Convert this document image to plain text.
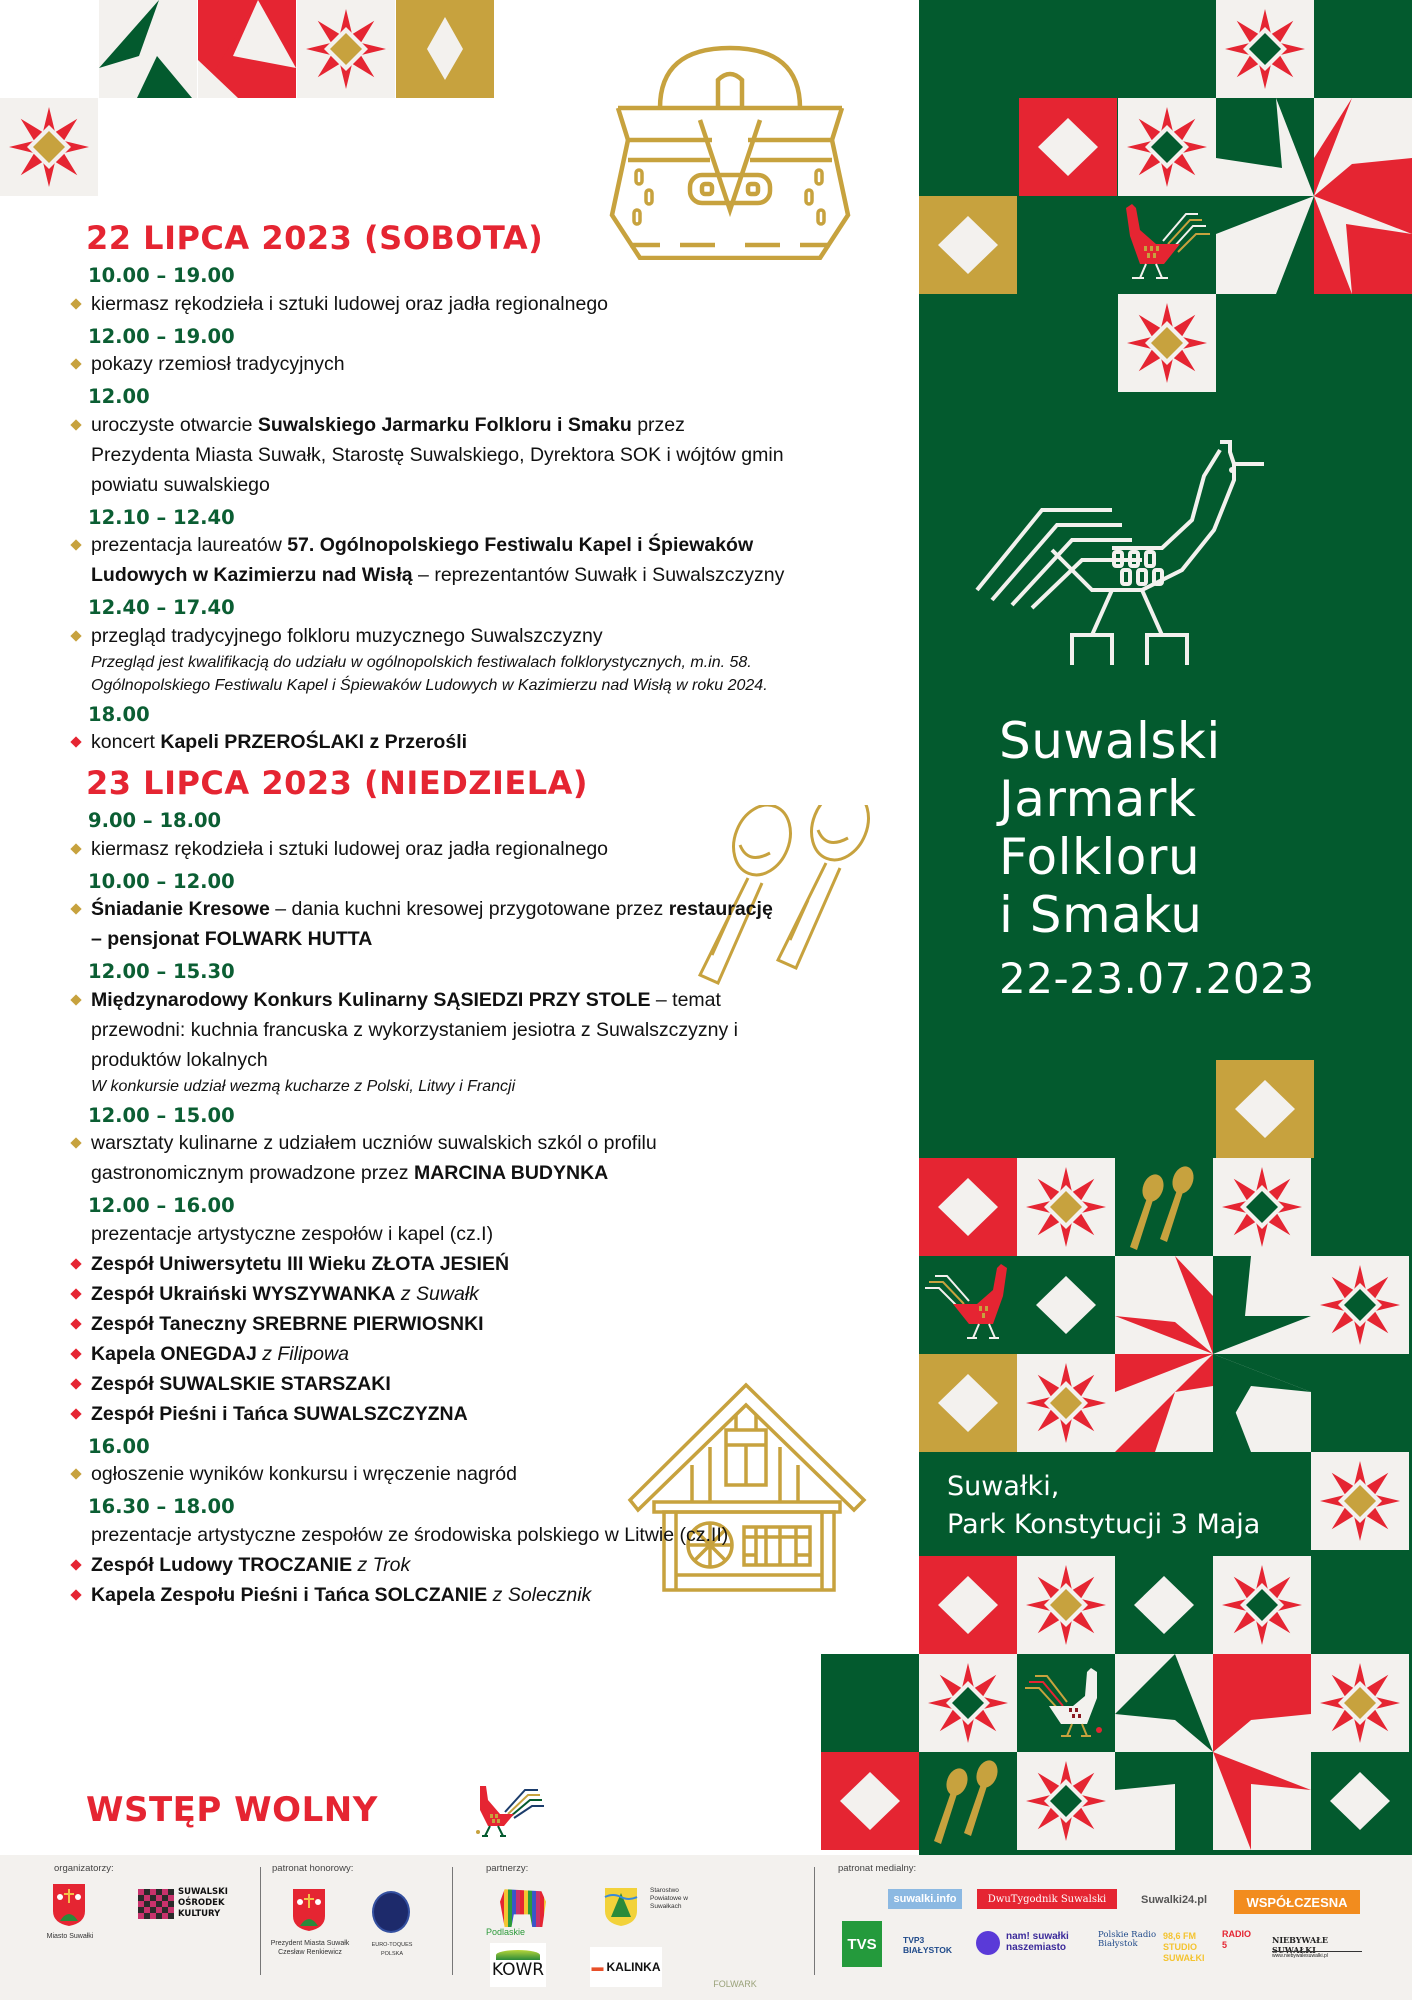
Suwalski
Jarmark
Folkloru
i Smaku
22-23.07.2023
Suwałki,
Park Konstytucji 3 Maja
22 LIPCA 2023 (SOBOTA)
10.00 – 19.00
kiermasz rękodzieła i sztuki ludowej oraz jadła regionalnego
12.00 – 19.00
pokazy rzemiosł tradycyjnych
12.00
uroczyste otwarcie Suwalskiego Jarmarku Folkloru i Smaku przez Prezydenta Miasta Suwałk, Starostę Suwalskiego, Dyrektora SOK i wójtów gmin powiatu suwalskiego
12.10 – 12.40
prezentacja laureatów 57. Ogólnopolskiego Festiwalu Kapel i Śpiewaków Ludowych w Kazimierzu nad Wisłą – reprezentantów Suwałk i Suwalszczyzny
12.40 – 17.40
przegląd tradycyjnego folkloru muzycznego Suwalszczyzny
Przegląd jest kwalifikacją do udziału w ogólnopolskich festiwalach folklorystycznych, m.in. 58. Ogólnopolskiego Festiwalu Kapel i Śpiewaków Ludowych w Kazimierzu nad Wisłą w roku 2024.
18.00
koncert Kapeli PRZEROŚLAKI z Przerośli
23 LIPCA 2023 (NIEDZIELA)
9.00 – 18.00
kiermasz rękodzieła i sztuki ludowej oraz jadła regionalnego
10.00 – 12.00
Śniadanie Kresowe – dania kuchni kresowej przygotowane przez restaurację – pensjonat FOLWARK HUTTA
12.00 – 15.30
Międzynarodowy Konkurs Kulinarny SĄSIEDZI PRZY STOLE – temat przewodni: kuchnia francuska z wykorzystaniem jesiotra z Suwalszczyzny i produktów lokalnych
W konkursie udział wezmą kucharze z Polski, Litwy i Francji
12.00 – 15.00
warsztaty kulinarne z udziałem uczniów suwalskich szkól o profilu gastronomicznym prowadzone przez MARCINA BUDYNKA
12.00 – 16.00
prezentacje artystyczne zespołów i kapel (cz.I)
Zespół Uniwersytetu III Wieku ZŁOTA JESIEŃ
Zespół Ukraiński WYSZYWANKA z Suwałk
Zespół Taneczny SREBRNE PIERWIOSNKI
Kapela ONEGDAJ z Filipowa
Zespół SUWALSKIE STARSZAKI
Zespół Pieśni i Tańca SUWALSZCZYZNA
16.00
ogłoszenie wyników konkursu i wręczenie nagród
16.30 – 18.00
prezentacje artystyczne zespołów ze środowiska polskiego w Litwie (cz.II)
Zespół Ludowy TROCZANIE z Trok
Kapela Zespołu Pieśni i Tańca SOLCZANIE z Solecznik
WSTĘP WOLNY
organizatorzy:
Miasto Suwałki
SUWALSKI OŚRODEK KULTURY
patronat honorowy:
Prezydent Miasta Suwałk Czesław Renkiewicz
EURO-TOQUES POLSKA
partnerzy:
Podlaskie
Starostwo Powiatowe w Suwałkach
KOWR	▬ KALINKA
FOLWARK
patronat medialny:
suwalki.info	DwuTygodnik Suwalski	Suwalki24.pl	WSPÓŁCZESNA
TVS	TVP3 BIAŁYSTOK
nam! suwałki naszemiasto
Polskie Radio Białystok
98,6 FM STUDIO SUWAŁKI
RADIO 5	NIEBYWAŁE SUWAŁKI
www.niebywalesuwalki.pl
